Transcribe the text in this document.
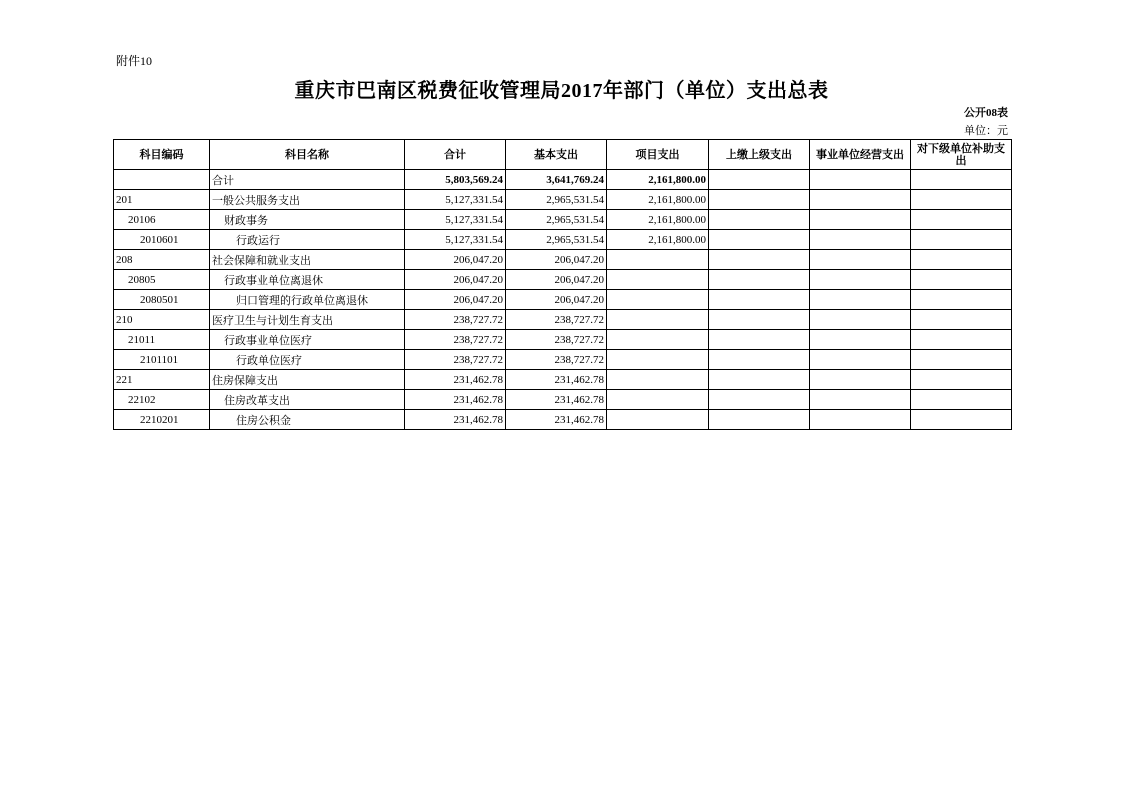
附件10
重庆市巴南区税费征收管理局2017年部门（单位）支出总表
公开08表
单位：元
科目编码	科目名称	合计	基本支出	项目支出	上缴上级支出	事业单位经营支出	对下级单位补助支出
	合计	5,803,569.24	3,641,769.24	2,161,800.00			
201	一般公共服务支出	5,127,331.54	2,965,531.54	2,161,800.00			
20106	财政事务	5,127,331.54	2,965,531.54	2,161,800.00			
2010601	行政运行	5,127,331.54	2,965,531.54	2,161,800.00			
208	社会保障和就业支出	206,047.20	206,047.20				
20805	行政事业单位离退休	206,047.20	206,047.20				
2080501	归口管理的行政单位离退休	206,047.20	206,047.20				
210	医疗卫生与计划生育支出	238,727.72	238,727.72				
21011	行政事业单位医疗	238,727.72	238,727.72				
2101101	行政单位医疗	238,727.72	238,727.72				
221	住房保障支出	231,462.78	231,462.78				
22102	住房改革支出	231,462.78	231,462.78				
2210201	住房公积金	231,462.78	231,462.78				
